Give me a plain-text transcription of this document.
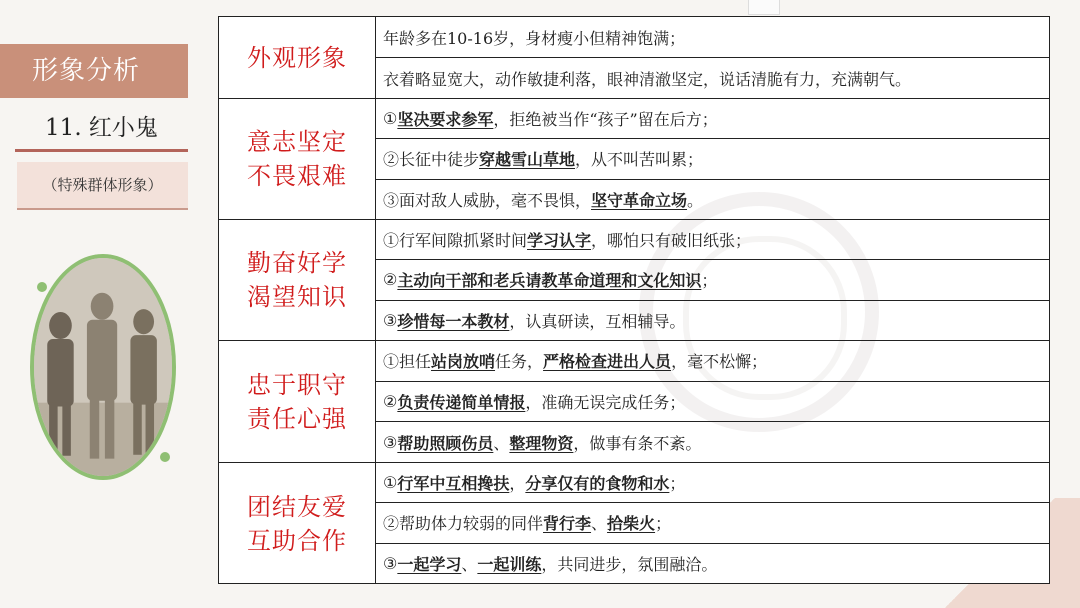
形象分析
11. 红小鬼
（特殊群体形象）
外观形象
年龄多在10-16岁，身材瘦小但精神饱满；
衣着略显宽大，动作敏捷利落，眼神清澈坚定，说话清脆有力，充满朝气。
意志坚定
不畏艰难
① 坚决要求参军 ，拒绝被当作“孩子”留在后方；
②长征中徒步 穿越雪山草地 ，从不叫苦叫累；
③面对敌人威胁，毫不畏惧， 坚守革命立场 。
勤奋好学
渴望知识
①行军间隙抓紧时间 学习认字 ，哪怕只有破旧纸张；
② 主动向干部和老兵请教革命道理和文化知识 ；
③ 珍惜每一本教材 ，认真研读，互相辅导。
忠于职守
责任心强
①担任 站岗放哨 任务， 严格检查进出人员 ，毫不松懈；
② 负责传递简单情报 ，准确无误完成任务；
③ 帮助照顾伤员 、 整理物资 ，做事有条不紊。
团结友爱
互助合作
① 行军中互相搀扶 ， 分享仅有的食物和水 ；
②帮助体力较弱的同伴 背行李 、 拾柴火 ；
③ 一起学习 、 一起训练 ，共同进步，氛围融洽。
